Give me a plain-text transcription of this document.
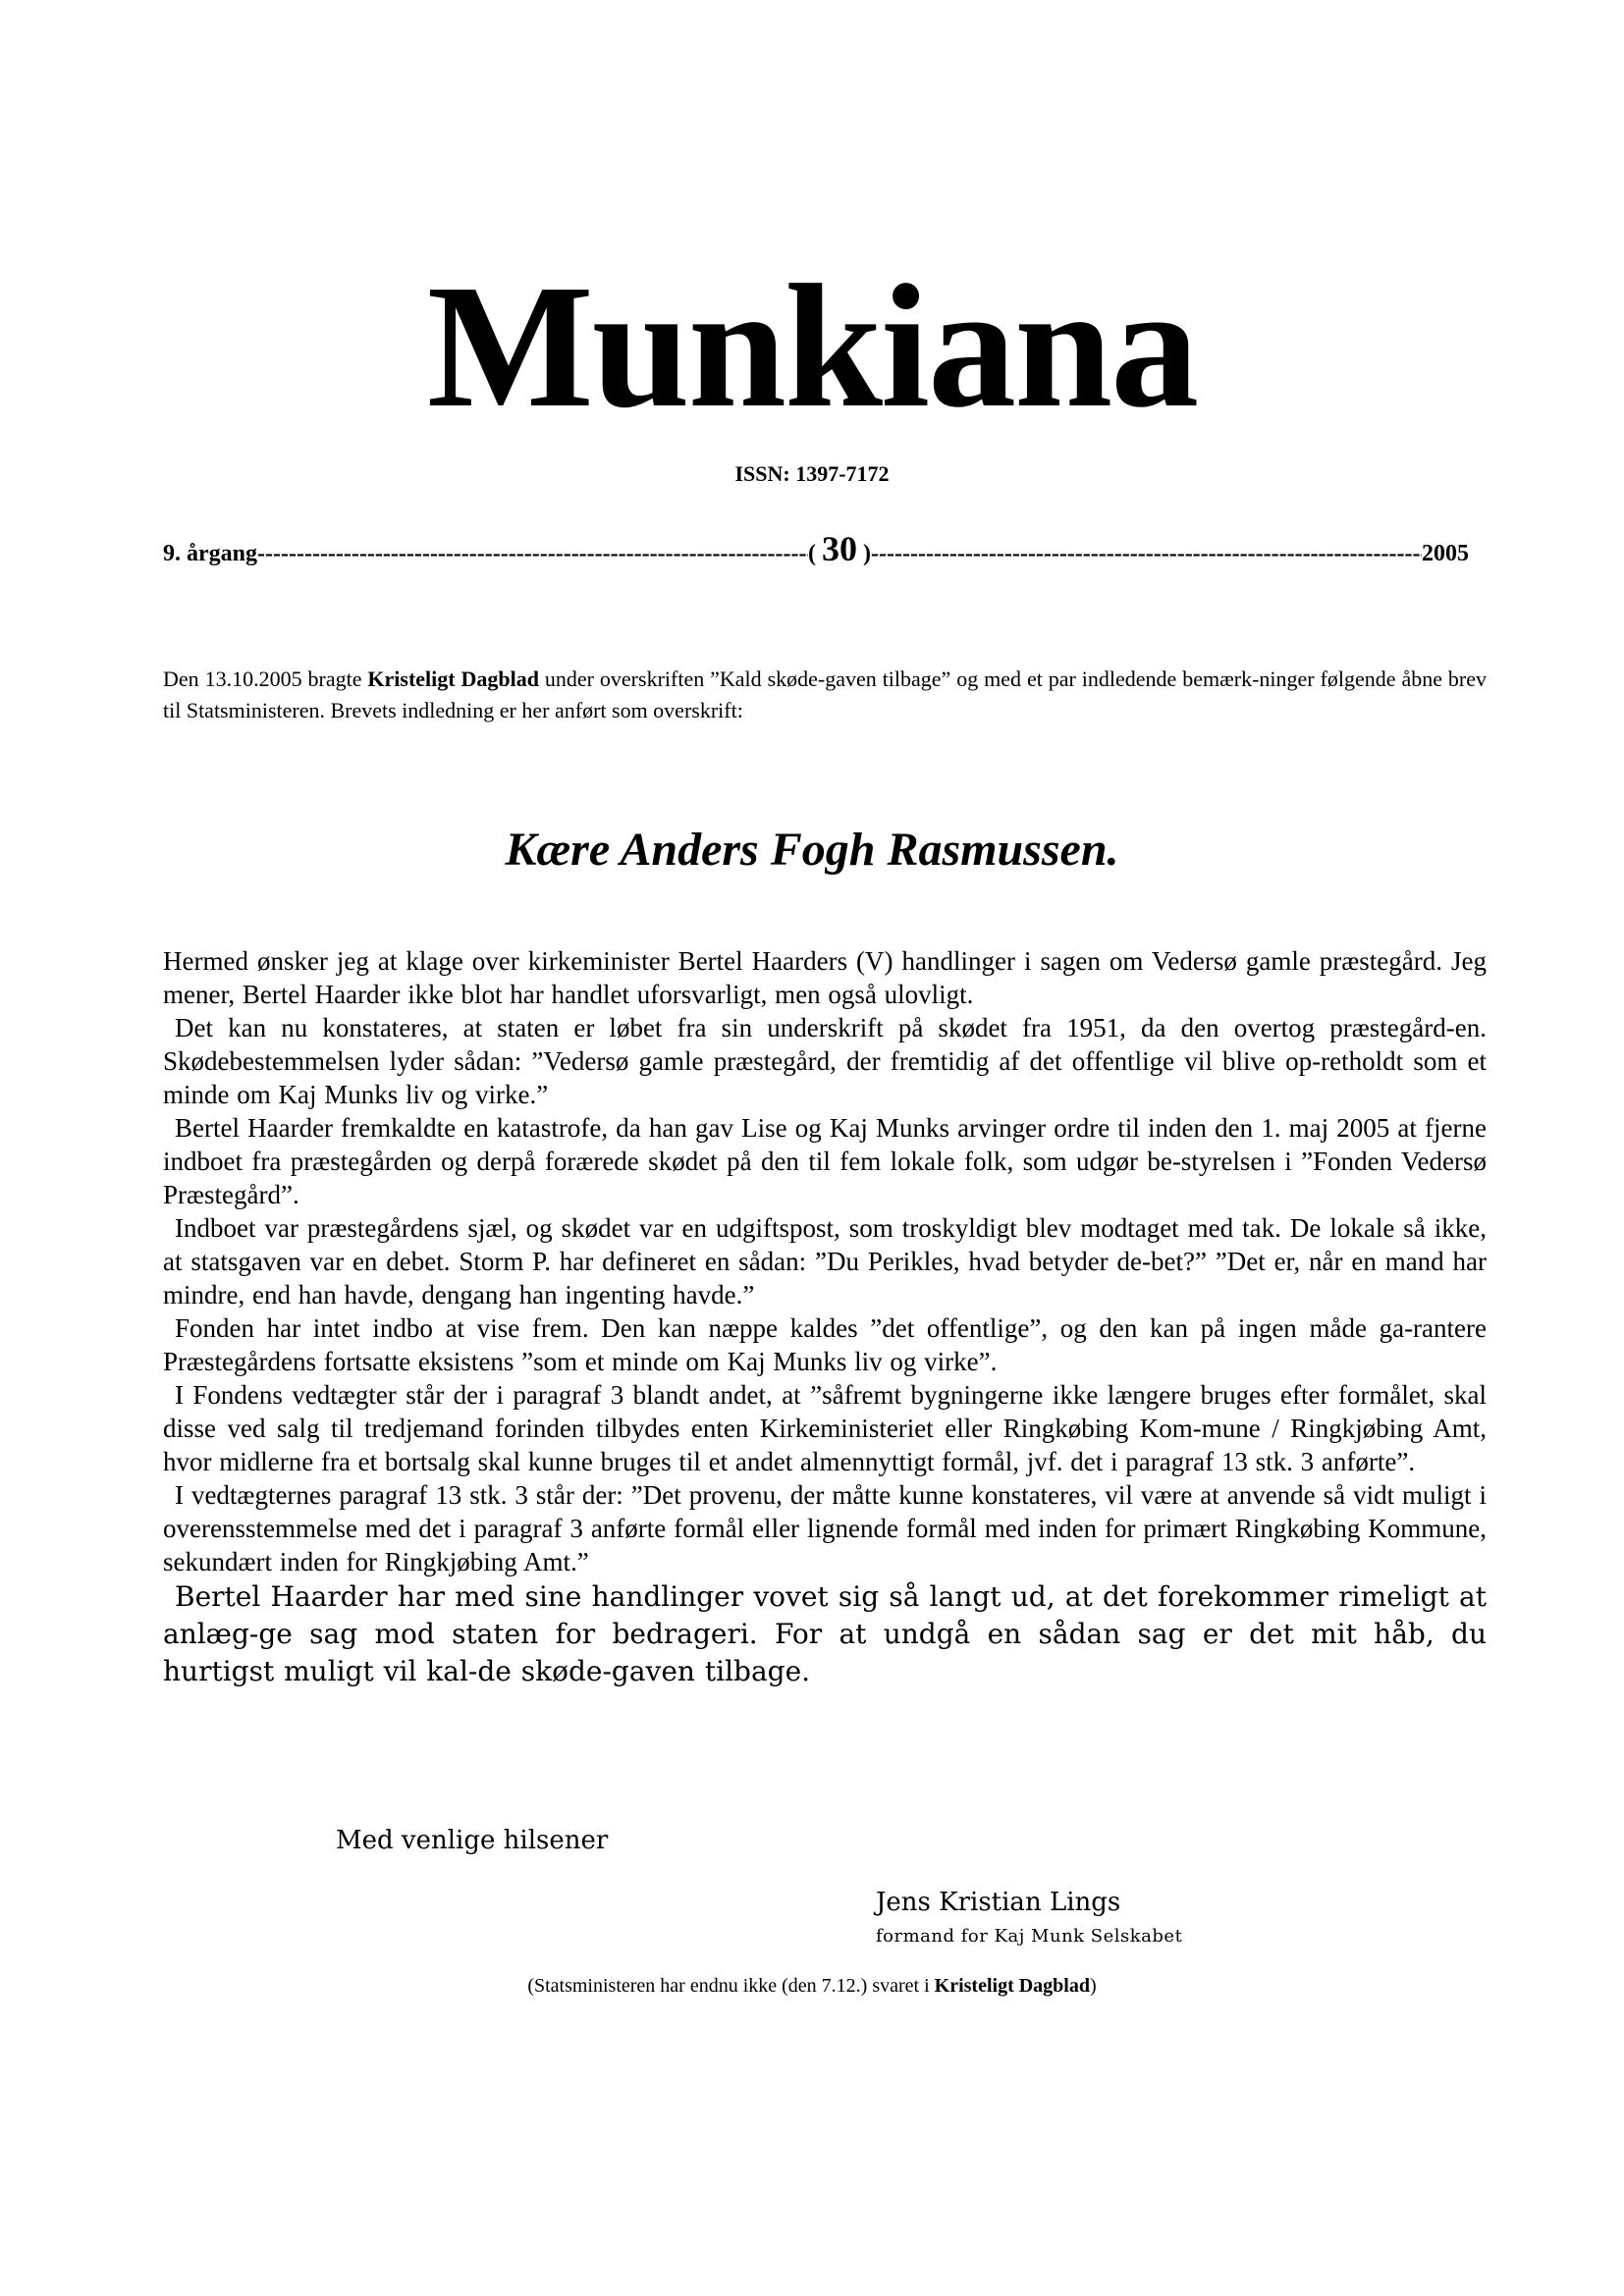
Munkiana
ISSN: 1397-7172
9. årgang -----	( 30 ) -----	2005
Den 13.10.2005 bragte Kristeligt Dagblad under overskriften ”Kald skøde-gaven tilbage” og med et par indledende bemærk-ninger følgende åbne brev til Statsministeren. Brevets indledning er her anført som overskrift:
Kære Anders Fogh Rasmussen.

Hermed ønsker jeg at klage over kirkeminister Bertel Haarders (V) handlinger i sagen om Vedersø gamle præstegård. Jeg mener, Bertel Haarder ikke blot har handlet uforsvarligt, men også ulovligt.

Det kan nu konstateres, at staten er løbet fra sin underskrift på skødet fra 1951, da den overtog præstegård-en. Skødebestemmelsen lyder sådan: ”Vedersø gamle præstegård, der fremtidig af det offentlige vil blive op-retholdt som et minde om Kaj Munks liv og virke.”

Bertel Haarder fremkaldte en katastrofe, da han gav Lise og Kaj Munks arvinger ordre til inden den 1. maj 2005 at fjerne indboet fra præstegården og derpå forærede skødet på den til fem lokale folk, som udgør be-styrelsen i ”Fonden Vedersø Præstegård”.

Indboet var præstegårdens sjæl, og skødet var en udgiftspost, som troskyldigt blev modtaget med tak. De lokale så ikke, at statsgaven var en debet. Storm P. har defineret en sådan: ”Du Perikles, hvad betyder de-bet?” ”Det er, når en mand har mindre, end han havde, dengang han ingenting havde.”

Fonden har intet indbo at vise frem. Den kan næppe kaldes ”det offentlige”, og den kan på ingen måde ga-rantere Præstegårdens fortsatte eksistens ”som et minde om Kaj Munks liv og virke”.

I Fondens vedtægter står der i paragraf 3 blandt andet, at ”såfremt bygningerne ikke længere bruges efter formålet, skal disse ved salg til tredjemand forinden tilbydes enten Kirkeministeriet eller Ringkøbing Kom-mune / Ringkjøbing Amt, hvor midlerne fra et bortsalg skal kunne bruges til et andet almennyttigt formål, jvf. det i paragraf 13 stk. 3 anførte”.

I vedtægternes paragraf 13 stk. 3 står der: ”Det provenu, der måtte kunne konstateres, vil være at anvende så vidt muligt i overensstemmelse med det i paragraf 3 anførte formål eller lignende formål med inden for primært Ringkøbing Kommune, sekundært inden for Ringkjøbing Amt.”

Bertel Haarder har med sine handlinger vovet sig så langt ud, at det forekommer rimeligt at anlæg-ge sag mod staten for bedrageri. For at undgå en sådan sag er det mit håb, du hurtigst muligt vil kal-de skøde-gaven tilbage.

Med venlige hilsener
Jens Kristian Lings
formand for Kaj Munk Selskabet
(Statsministeren har endnu ikke (den 7.12.) svaret i Kristeligt Dagblad)
